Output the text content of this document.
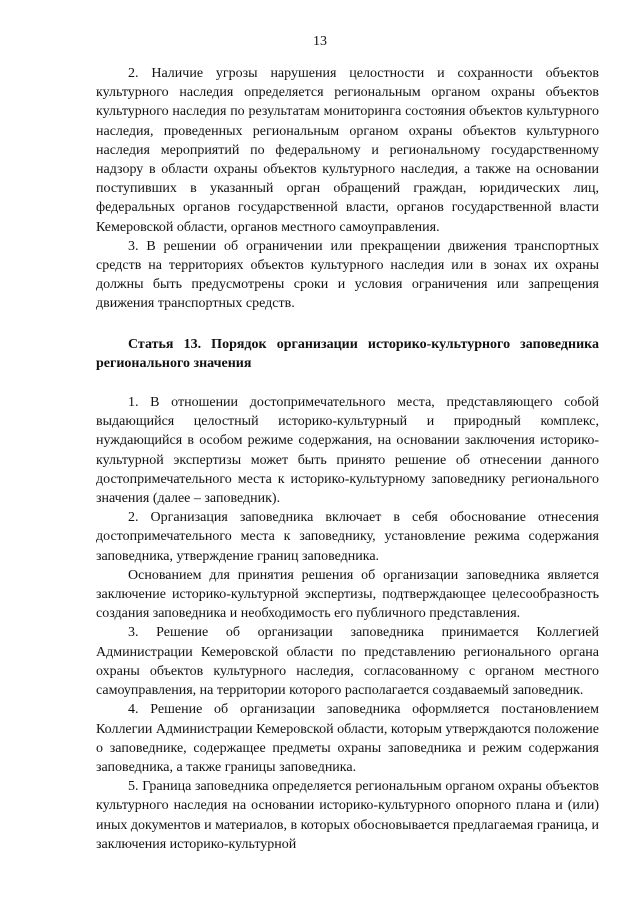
13

2. Наличие угрозы нарушения целостности и сохранности объектов культурного наследия определяется региональным органом охраны объектов культурного наследия по результатам мониторинга состояния объектов культурного наследия, проведенных региональным органом охраны объектов культурного наследия мероприятий по федеральному и региональному государственному надзору в области охраны объектов культурного наследия, а также на основании поступивших в указанный орган обращений граждан, юридических лиц, федеральных органов государственной власти, органов государственной власти Кемеровской области, органов местного самоуправления.

3. В решении об ограничении или прекращении движения транспортных средств на территориях объектов культурного наследия или в зонах их охраны должны быть предусмотрены сроки и условия ограничения или запрещения движения транспортных средств.

Статья 13. Порядок организации историко-культурного заповедника регионального значения

1. В отношении достопримечательного места, представляющего собой выдающийся целостный историко-культурный и природный комплекс, нуждающийся в особом режиме содержания, на основании заключения историко-культурной экспертизы может быть принято решение об отнесении данного достопримечательного места к историко-культурному заповеднику регионального значения (далее – заповедник).

2. Организация заповедника включает в себя обоснование отнесения достопримечательного места к заповеднику, установление режима содержания заповедника, утверждение границ заповедника.

Основанием для принятия решения об организации заповедника является заключение историко-культурной экспертизы, подтверждающее целесообразность создания заповедника и необходимость его публичного представления.

3. Решение об организации заповедника принимается Коллегией Администрации Кемеровской области по представлению регионального органа охраны объектов культурного наследия, согласованному с органом местного самоуправления, на территории которого располагается создаваемый заповедник.

4. Решение об организации заповедника оформляется постановлением Коллегии Администрации Кемеровской области, которым утверждаются положение о заповеднике, содержащее предметы охраны заповедника и режим содержания заповедника, а также границы заповедника.

5. Граница заповедника определяется региональным органом охраны объектов культурного наследия на основании историко-культурного опорного плана и (или) иных документов и материалов, в которых обосновывается предлагаемая граница, и заключения историко-культурной
